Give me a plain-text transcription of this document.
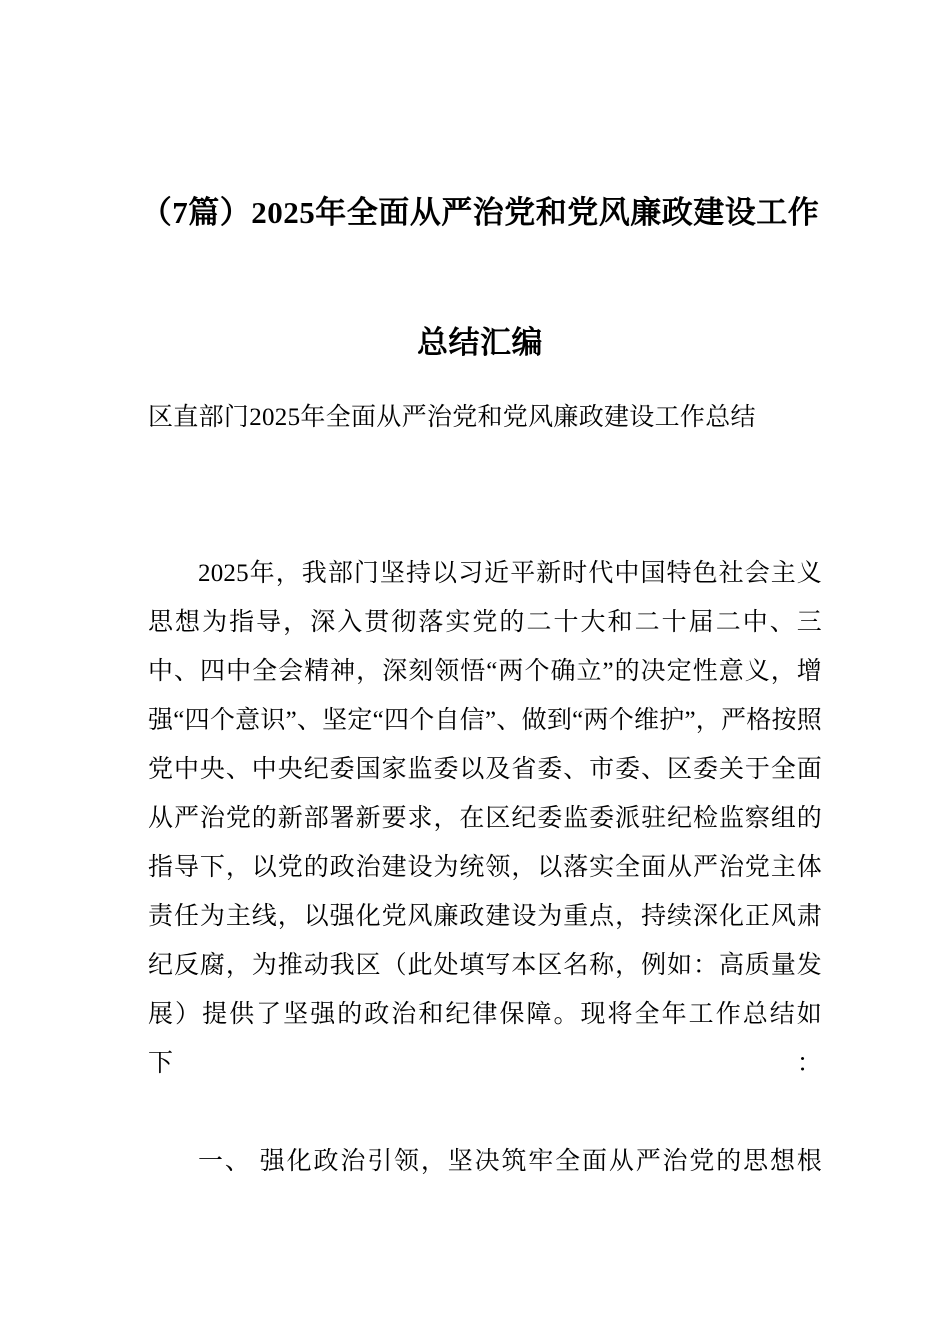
（7篇）2025年全面从严治党和党风廉政建设工作总结汇编
区直部门2025年全面从严治党和党风廉政建设工作总结
2025年，我部门坚持以习近平新时代中国特色社会主义思想为指导，深入贯彻落实党的二十大和二十届二中、三中、四中全会精神，深刻领悟“两个确立”的决定性意义，增强“四个意识”、坚定“四个自信”、做到“两个维护”，严格按照党中央、中央纪委国家监委以及省委、市委、区委关于全面从严治党的新部署新要求，在区纪委监委派驻纪检监察组的指导下，以党的政治建设为统领，以落实全面从严治党主体责任为主线，以强化党风廉政建设为重点，持续深化正风肃纪反腐，为推动我区（此处填写本区名称，例如：高质量发展）提供了坚强的政治和纪律保障。现将全年工作总结如下：
一、 强化政治引领，坚决筑牢全面从严治党的思想根
